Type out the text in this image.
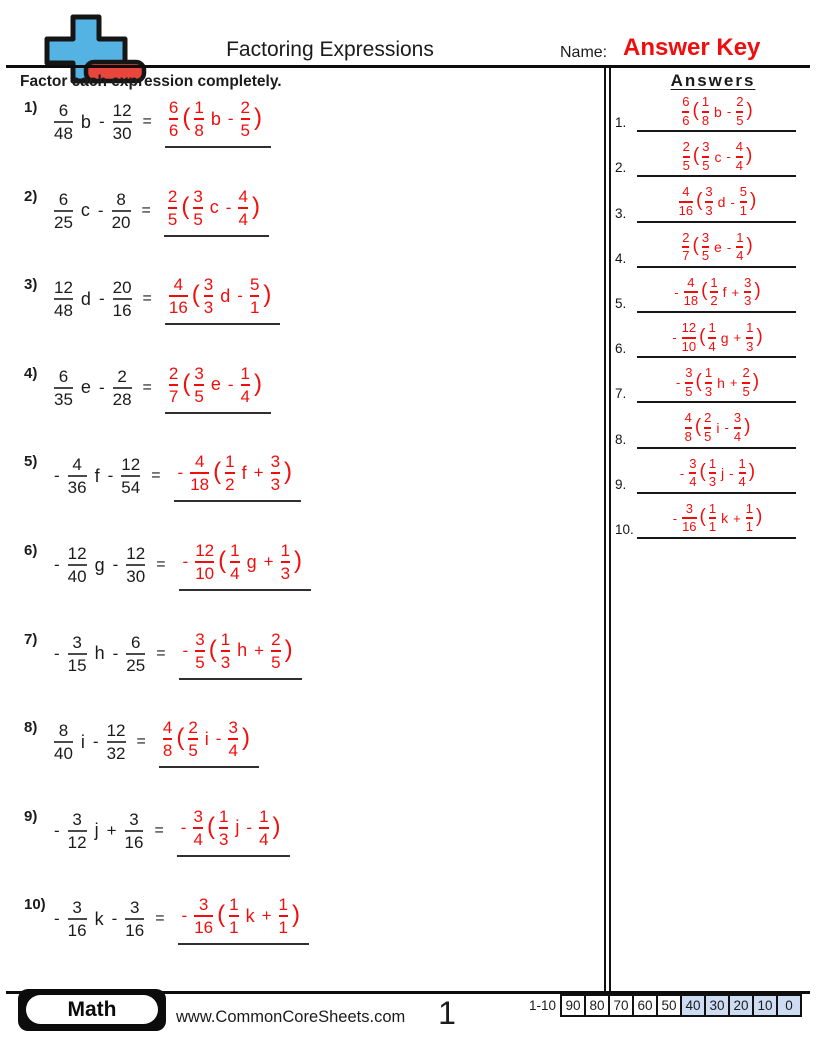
Factoring Expressions	Name: Answer Key
Factor each expression completely.	Answers
$1) \frac{6}{48}$ $b - \frac{12}{30} = \frac{6}{6}$ ( $\frac{1}{8}$ b - $\frac{2}{5}$ )
$2) \frac{6}{25}$ $c - \frac{8}{20} = \frac{2}{5}$ ( $\frac{3}{5}$ c - $\frac{4}{4}$ )
$3) \frac{12}{48}$ $d - \frac{20}{16} = \frac{4}{16}$ ( $\frac{3}{3}$ d - $\frac{5}{1}$ )
$4) \frac{6}{35}$ $e - \frac{2}{28} = \frac{2}{7}$ ( $\frac{3}{5}$ e - $\frac{1}{4}$ )
5)
- $\frac{4}{36}$ f - $\frac{12}{54}$ = - $\frac{4}{18}$ ( $\frac{1}{2}$ $f + \frac{3}{3}$ )
6)
- $\frac{12}{40}$ g - $\frac{12}{30}$ = - $\frac{12}{10}$ ( $\frac{1}{4}$ $g + \frac{1}{3}$ )
7)
- $\frac{3}{15}$ h - $\frac{6}{25}$ = - $\frac{3}{5}$ ( $\frac{1}{3}$ $h + \frac{2}{5}$ )
$8) \frac{8}{40}$ $i - \frac{12}{32} = \frac{4}{8}$ ( $\frac{2}{5}$ i - $\frac{3}{4}$ )
9)
- $\frac{3}{12}$ $j + \frac{3}{16}$ = - $\frac{3}{4}$ ( $\frac{1}{3}$ j - $\frac{1}{4}$ )
10)
- $\frac{3}{16}$ k - $\frac{3}{16}$ = - $\frac{3}{16}$ ( $\frac{1}{1}$ $k + \frac{1}{1}$ )
1.	$\frac{6}{6}$ ( $\frac{1}{8}$ b - $\frac{2}{5}$ )
2.	$\frac{2}{5}$ ( $\frac{3}{5}$ c - $\frac{4}{4}$ )
3.	$\frac{4}{16}$ ( $\frac{3}{3}$ d - $\frac{5}{1}$ )
4.	$\frac{2}{7}$ ( $\frac{3}{5}$ e - $\frac{1}{4}$ )
5.
- $\frac{4}{18}$ ( $\frac{1}{2}$ $f + \frac{3}{3}$ )
6.
- $\frac{12}{10}$ ( $\frac{1}{4}$ $g + \frac{1}{3}$ )
7.
- $\frac{3}{5}$ ( $\frac{1}{3}$ $h + \frac{2}{5}$ )
8.	$\frac{4}{8}$ ( $\frac{2}{5}$ i - $\frac{3}{4}$ )
9.
- $\frac{3}{4}$ ( $\frac{1}{3}$ j - $\frac{1}{4}$ )
10.
- $\frac{3}{16}$ ( $\frac{1}{1}$ $k + \frac{1}{1}$ )
Math	www.CommonCoreSheets.com	1	1-10 90 80 70 60 50 40 30 20 10 0
